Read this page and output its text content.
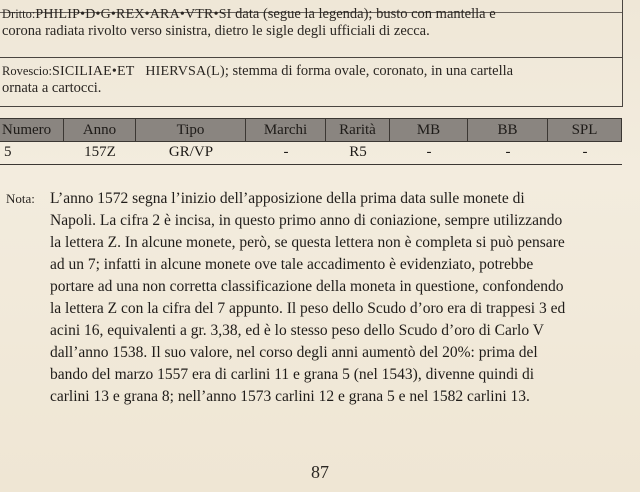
Dritto:PHILIP•D•G•REX•ARA•VTR•SI data (segue la legenda); busto con mantella e
corona radiata rivolto verso sinistra, dietro le sigle degli ufficiali di zecca.
Rovescio:SICILIAE•ET   HIERVSA(L); stemma di forma ovale, coronato, in una cartella
ornata a cartocci.
Numero	Anno	Tipo	Marchi	Rarità	MB	BB	SPL
5	157Z	GR/VP	-	R5	-	-	-
Nota: L’anno 1572 segna l’inizio dell’apposizione della prima data sulle monete di
Napoli. La cifra 2 è incisa, in questo primo anno di coniazione, sempre utilizzando
la lettera Z. In alcune monete, però, se questa lettera non è completa si può pensare
ad un 7; infatti in alcune monete ove tale accadimento è evidenziato, potrebbe
portare ad una non corretta classificazione della moneta in questione, confondendo
la lettera Z con la cifra del 7 appunto. Il peso dello Scudo d’oro era di trappesi 3 ed
acini 16, equivalenti a gr. 3,38, ed è lo stesso peso dello Scudo d’oro di Carlo V
dall’anno 1538. Il suo valore, nel corso degli anni aumentò del 20%: prima del
bando del marzo 1557 era di carlini 11 e grana 5 (nel 1543), divenne quindi di
carlini 13 e grana 8; nell’anno 1573 carlini 12 e grana 5 e nel 1582 carlini 13.
87
